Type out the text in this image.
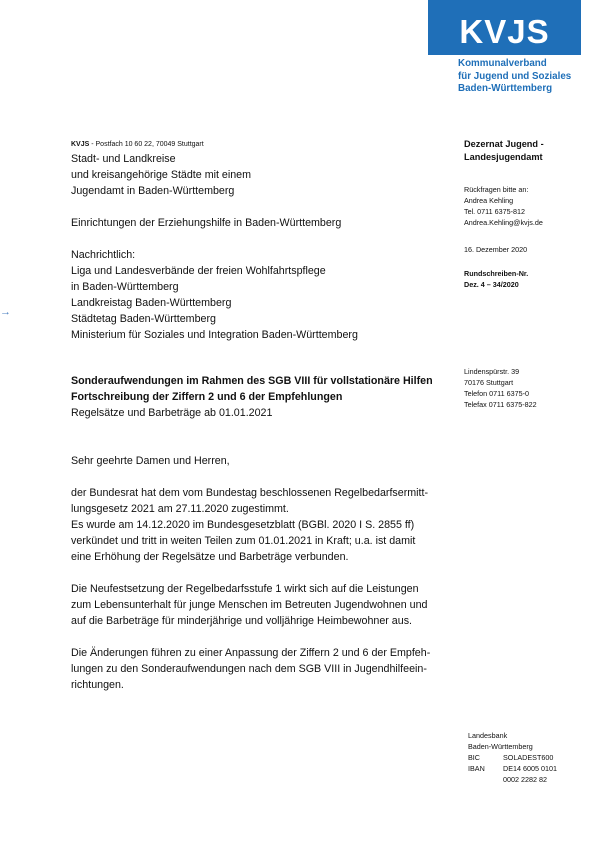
KVJS
Kommunalverband
für Jugend und Soziales
Baden-Württemberg
KVJS - Postfach 10 60 22, 70049 Stuttgart
Stadt- und Landkreise
und kreisangehörige Städte mit einem
Jugendamt in Baden-Württemberg

Einrichtungen der Erziehungshilfe in Baden-Württemberg

Nachrichtlich:
Liga und Landesverbände der freien Wohlfahrtspflege
in Baden-Württemberg
Landkreistag Baden-Württemberg
Städtetag Baden-Württemberg
Ministerium für Soziales und Integration Baden-Württemberg
→
Sonderaufwendungen im Rahmen des SGB VIII für vollstationäre Hilfen
Fortschreibung der Ziffern 2 und 6 der Empfehlungen
Regelsätze und Barbeträge ab 01.01.2021
Sehr geehrte Damen und Herren,
der Bundesrat hat dem vom Bundestag beschlossenen Regelbedarfsermitt-
lungsgesetz 2021 am 27.11.2020 zugestimmt.
Es wurde am 14.12.2020 im Bundesgesetzblatt (BGBl. 2020 I S. 2855 ff)
verkündet und tritt in weiten Teilen zum 01.01.2021 in Kraft; u.a. ist damit
eine Erhöhung der Regelsätze und Barbeträge verbunden.
Die Neufestsetzung der Regelbedarfsstufe 1 wirkt sich auf die Leistungen
zum Lebensunterhalt für junge Menschen im Betreuten Jugendwohnen und
auf die Barbeträge für minderjährige und volljährige Heimbewohner aus.
Die Änderungen führen zu einer Anpassung der Ziffern 2 und 6 der Empfeh-
lungen zu den Sonderaufwendungen nach dem SGB VIII in Jugendhilfeein-
richtungen.
Dezernat Jugend -
Landesjugendamt
Rückfragen bitte an:
Andrea Kehling
Tel. 0711 6375-812
Andrea.Kehling@kvjs.de
16. Dezember 2020
Rundschreiben-Nr.
Dez. 4 – 34/2020
Lindenspürstr. 39
70176 Stuttgart
Telefon 0711 6375-0
Telefax 0711 6375-822
Landesbank
Baden-Württemberg
BIC	SOLADEST600
IBAN	DE14 6005 0101
0002 2282 82
